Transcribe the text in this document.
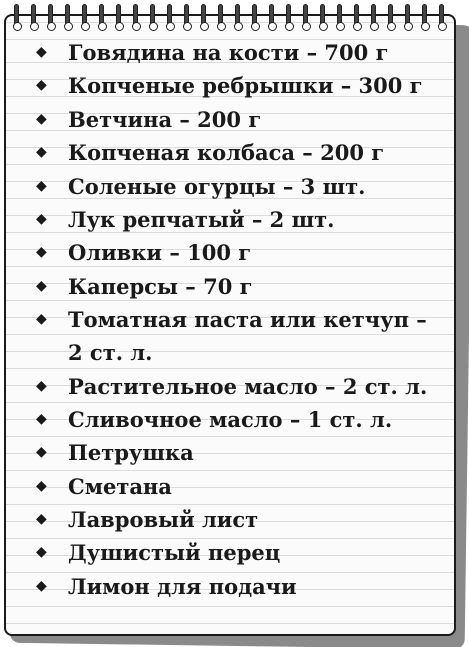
◆	Говядина на кости – 700 г
◆	Копченые ребрышки – 300 г
◆	Ветчина – 200 г
◆	Копченая колбаса – 200 г
◆	Соленые огурцы – 3 шт.
◆	Лук репчатый – 2 шт.
◆	Оливки – 100 г
◆	Каперсы – 70 г
◆	Томатная паста или кетчуп – 2 ст. л.
◆	Растительное масло – 2 ст. л.
◆	Сливочное масло – 1 ст. л.
◆	Петрушка
◆	Сметана
◆	Лавровый лист
◆	Душистый перец
◆	Лимон для подачи
